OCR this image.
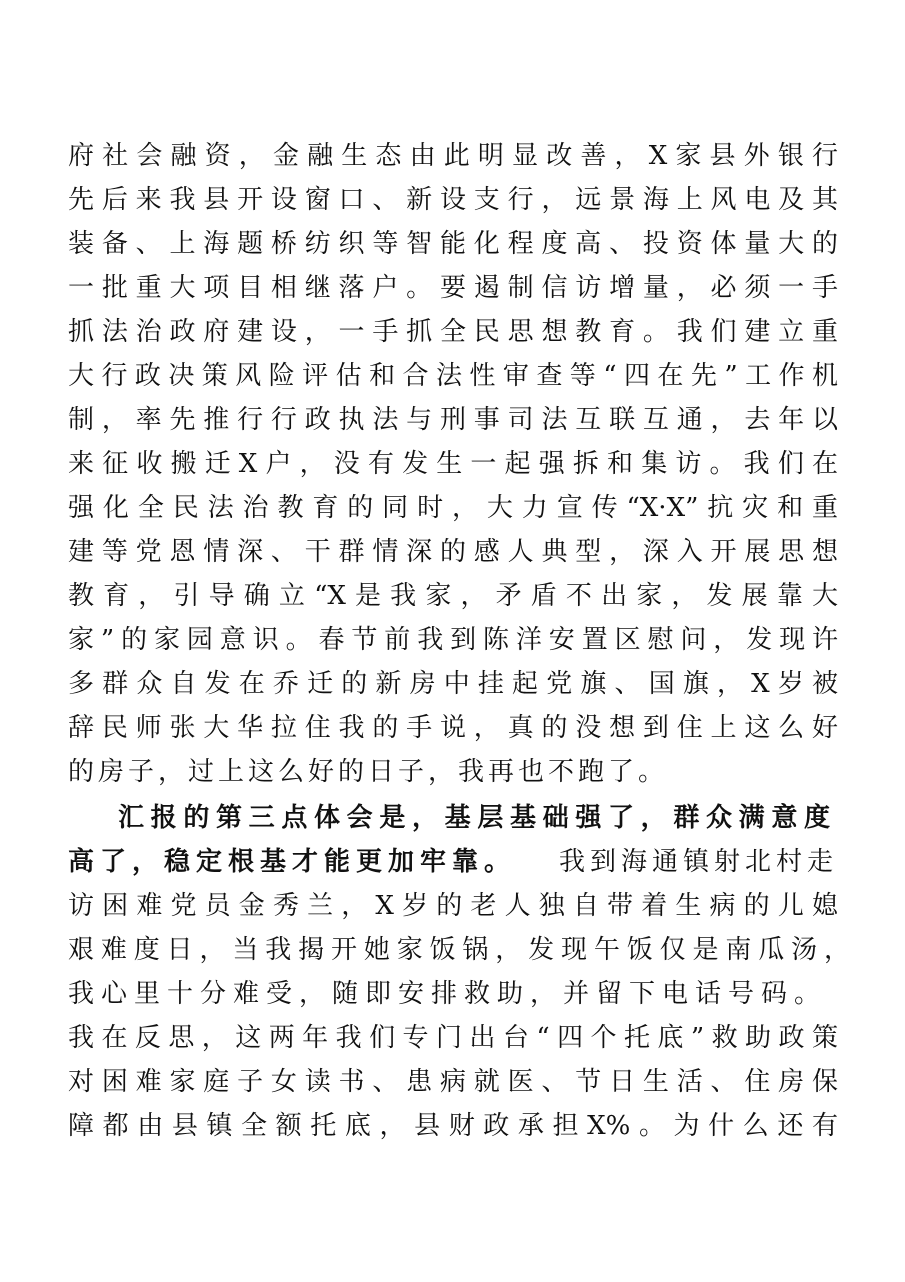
府社会融资，金融生态由此明显改善，X家县外银行
先后来我县开设窗口、新设支行，远景海上风电及其
装备、上海题桥纺织等智能化程度高、投资体量大的
一批重大项目相继落户。要遏制信访增量，必须一手
抓法治政府建设，一手抓全民思想教育。我们建立重
大行政决策风险评估和合法性审查等“四在先”工作机
制，率先推行行政执法与刑事司法互联互通，去年以
来征收搬迁X户，没有发生一起强拆和集访。我们在
强化全民法治教育的同时，大力宣传“X·X”抗灾和重
建等党恩情深、干群情深的感人典型，深入开展思想
教育，引导确立“X是我家，矛盾不出家，发展靠大
家”的家园意识。春节前我到陈洋安置区慰问，发现许
多群众自发在乔迁的新房中挂起党旗、国旗，X岁被
辞民师张大华拉住我的手说，真的没想到住上这么好
的房子，过上这么好的日子，我再也不跑了。
汇报的第三点体会是，基层基础强了，群众满意度
高了，稳定根基才能更加牢靠。 我到海通镇射北村走
访困难党员金秀兰，X岁的老人独自带着生病的儿媳
艰难度日，当我揭开她家饭锅，发现午饭仅是南瓜汤，
我心里十分难受，随即安排救助，并留下电话号码。
我在反思，这两年我们专门出台“四个托底”救助政策
对困难家庭子女读书、患病就医、节日生活、住房保
障都由县镇全额托底，县财政承担X%。为什么还有
